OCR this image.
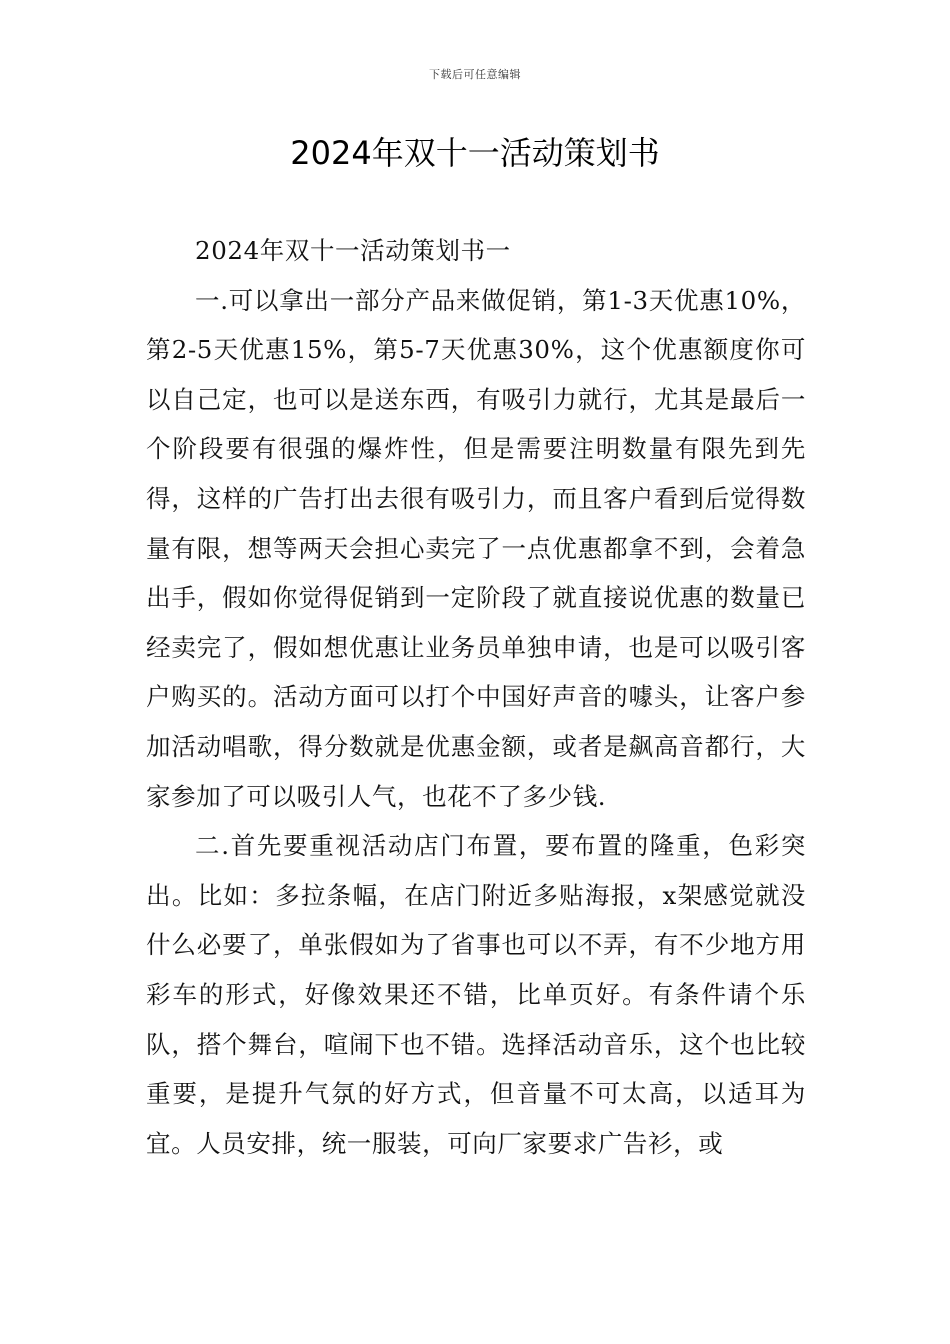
下载后可任意编辑
2024年双十一活动策划书

2024年双十一活动策划书一

一.可以拿出一部分产品来做促销，第1-3天优惠10%，第2-5天优惠15%，第5-7天优惠30%，这个优惠额度你可以自己定，也可以是送东西，有吸引力就行，尤其是最后一个阶段要有很强的爆炸性，但是需要注明数量有限先到先得，这样的广告打出去很有吸引力，而且客户看到后觉得数量有限，想等两天会担心卖完了一点优惠都拿不到，会着急出手，假如你觉得促销到一定阶段了就直接说优惠的数量已经卖完了，假如想优惠让业务员单独申请，也是可以吸引客户购买的。活动方面可以打个中国好声音的噱头，让客户参加活动唱歌，得分数就是优惠金额，或者是飙高音都行，大家参加了可以吸引人气，也花不了多少钱.

二.首先要重视活动店门布置，要布置的隆重，色彩突出。比如：多拉条幅，在店门附近多贴海报，x架感觉就没什么必要了，单张假如为了省事也可以不弄，有不少地方用彩车的形式，好像效果还不错，比单页好。有条件请个乐队，搭个舞台，喧闹下也不错。选择活动音乐，这个也比较重要，是提升气氛的好方式，但音量不可太高，以适耳为宜。人员安排，统一服装，可向厂家要求广告衫，或
